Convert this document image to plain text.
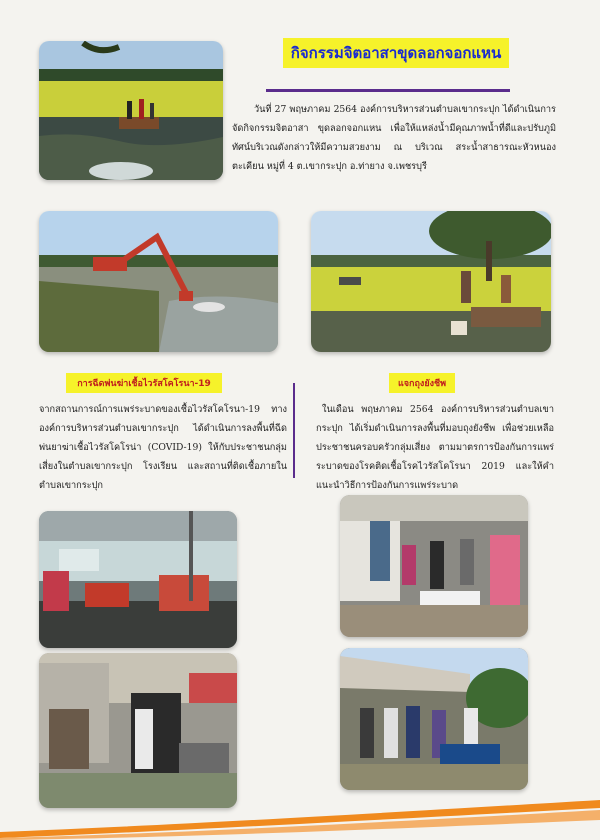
กิจกรรมจิตอาสาขุดลอกจอกแหน
วันที่ 27 พฤษภาคม 2564 องค์การบริหารส่วนตำบลเขากระปุก ได้ดำเนินการจัดกิจกรรมจิตอาสา ขุดลอกจอกแหน เพื่อให้แหล่งน้ำมีคุณภาพน้ำที่ดีและปรับภูมิทัศน์บริเวณดังกล่าวให้มีความสวยงาม ณ บริเวณ สระน้ำสาธารณะหัวหนองตะเคียน หมู่ที่ 4 ต.เขากระปุก อ.ท่ายาง จ.เพชรบุรี
การฉีดพ่นฆ่าเชื้อไวรัสโคโรนา-19	แจกถุงยังชีพ
จากสถานการณ์การแพร่ระบาดของเชื้อไวรัสโคโรนา-19 ทางองค์การบริหารส่วนตำบลเขากระปุก ได้ดำเนินการลงพื้นที่ฉีดพ่นยาฆ่าเชื้อไวรัสโคโรน่า (COVID-19) ให้กับประชาชนกลุ่มเสี่ยงในตำบลเขากระปุก โรงเรียน และสถานที่ติดเชื้อภายในตำบลเขากระปุก
ในเดือน พฤษภาคม 2564 องค์การบริหารส่วนตำบลเขากระปุก ได้เริ่มดำเนินการลงพื้นที่มอบถุงยังชีพ เพื่อช่วยเหลือประชาชนครอบครัวกลุ่มเสี่ยง ตามมาตรการป้องกันการแพร่ระบาดของโรคติดเชื้อโรคไวรัสโคโรนา 2019 และให้คำแนะนำวิธีการป้องกันการแพร่ระบาด
